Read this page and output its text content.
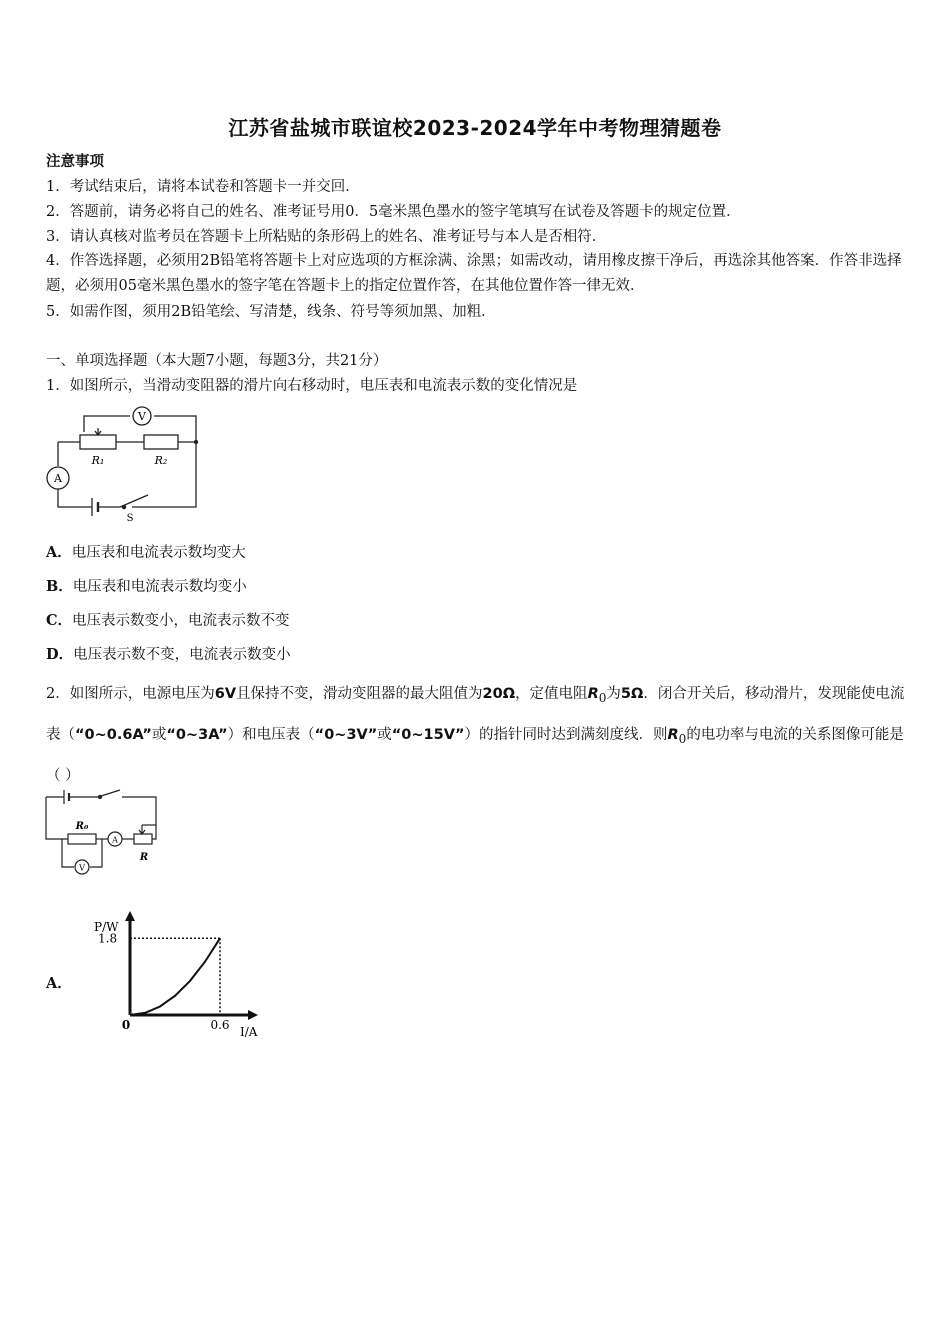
江苏省盐城市联谊校2023-2024学年中考物理猜题卷
注意事项
1．考试结束后，请将本试卷和答题卡一并交回．
2．答题前，请务必将自己的姓名、准考证号用0．5毫米黑色墨水的签字笔填写在试卷及答题卡的规定位置．
3．请认真核对监考员在答题卡上所粘贴的条形码上的姓名、准考证号与本人是否相符．
4．作答选择题，必须用2B铅笔将答题卡上对应选项的方框涂满、涂黑；如需改动，请用橡皮擦干净后，再选涂其他答案．作答非选择题，必须用05毫米黑色墨水的签字笔在答题卡上的指定位置作答，在其他位置作答一律无效．
5．如需作图，须用2B铅笔绘、写清楚，线条、符号等须加黑、加粗．
一、单项选择题（本大题7小题，每题3分，共21分）
1．如图所示，当滑动变阻器的滑片向右移动时，电压表和电流表示数的变化情况是
V
A
R₁	R₂
S
A．电压表和电流表示数均变大
B．电压表和电流表示数均变小
C．电压表示数变小，电流表示数不变
D．电压表示数不变，电流表示数变小
2．如图所示，电源电压为6V且保持不变，滑动变阻器的最大阻值为20Ω，定值电阻$R_0$为5Ω．闭合开关后，移动滑片，发现能使电流表（“0~0.6A”或“0~3A”）和电压表（“0~3V”或“0~15V”）的指针同时达到满刻度线．则$R_0$的电功率与电流的关系图像可能是（ ）
R₀
A
R
V
A．
P/W
1.8
0	0.6 I/A
